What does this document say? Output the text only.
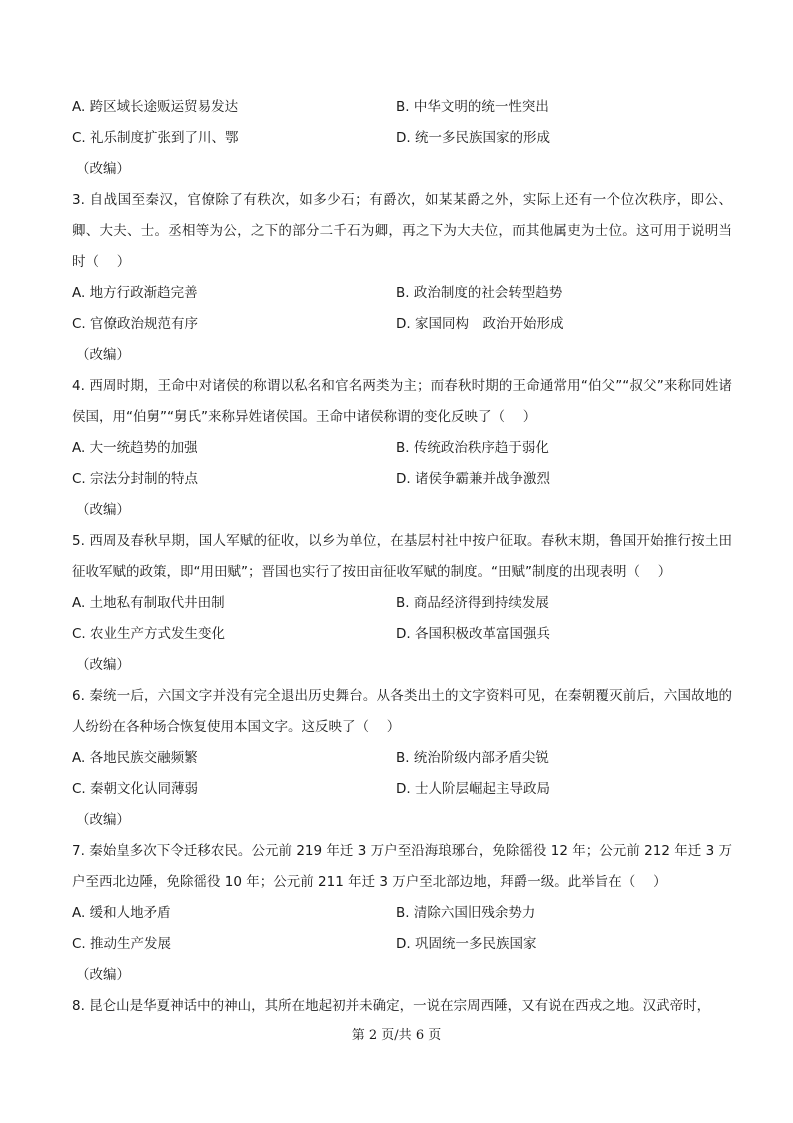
A. 跨区域长途贩运贸易发达	B. 中华文明的统一性突出
C. 礼乐制度扩张到了川、鄂	D. 统一多民族国家的形成
（改编）
3. 自战国至秦汉，官僚除了有秩次，如多少石；有爵次，如某某爵之外，实际上还有一个位次秩序，即公、卿、大夫、士。丞相等为公，之下的部分二千石为卿，再之下为大夫位，而其他属吏为士位。这可用于说明当时（　 ）
A. 地方行政渐趋完善	B. 政治制度的社会转型趋势
C. 官僚政治规范有序	D. 家国同构　政治开始形成
（改编）
4. 西周时期，王命中对诸侯的称谓以私名和官名两类为主；而春秋时期的王命通常用“伯父”“叔父”来称同姓诸侯国，用“伯舅”“舅氏”来称异姓诸侯国。王命中诸侯称谓的变化反映了（　 ）
A. 大一统趋势的加强	B. 传统政治秩序趋于弱化
C. 宗法分封制的特点	D. 诸侯争霸兼并战争激烈
（改编）
5. 西周及春秋早期，国人军赋的征收，以乡为单位，在基层村社中按户征取。春秋末期，鲁国开始推行按土田征收军赋的政策，即“用田赋”；晋国也实行了按田亩征收军赋的制度。“田赋”制度的出现表明（　 ）
A. 土地私有制取代井田制	B. 商品经济得到持续发展
C. 农业生产方式发生变化	D. 各国积极改革富国强兵
（改编）
6. 秦统一后，六国文字并没有完全退出历史舞台。从各类出土的文字资料可见，在秦朝覆灭前后，六国故地的人纷纷在各种场合恢复使用本国文字。这反映了（　 ）
A. 各地民族交融频繁	B. 统治阶级内部矛盾尖锐
C. 秦朝文化认同薄弱	D. 士人阶层崛起主导政局
（改编）
7. 秦始皇多次下令迁移农民。公元前 219 年迁 3 万户至沿海琅琊台，免除徭役 12 年；公元前 212 年迁 3 万户至西北边陲，免除徭役 10 年；公元前 211 年迁 3 万户至北部边地，拜爵一级。此举旨在（　 ）
A. 缓和人地矛盾	B. 清除六国旧残余势力
C. 推动生产发展	D. 巩固统一多民族国家
（改编）
8. 昆仑山是华夏神话中的神山，其所在地起初并未确定，一说在宗周西陲，又有说在西戎之地。汉武帝时，
第 2 页/共 6 页
